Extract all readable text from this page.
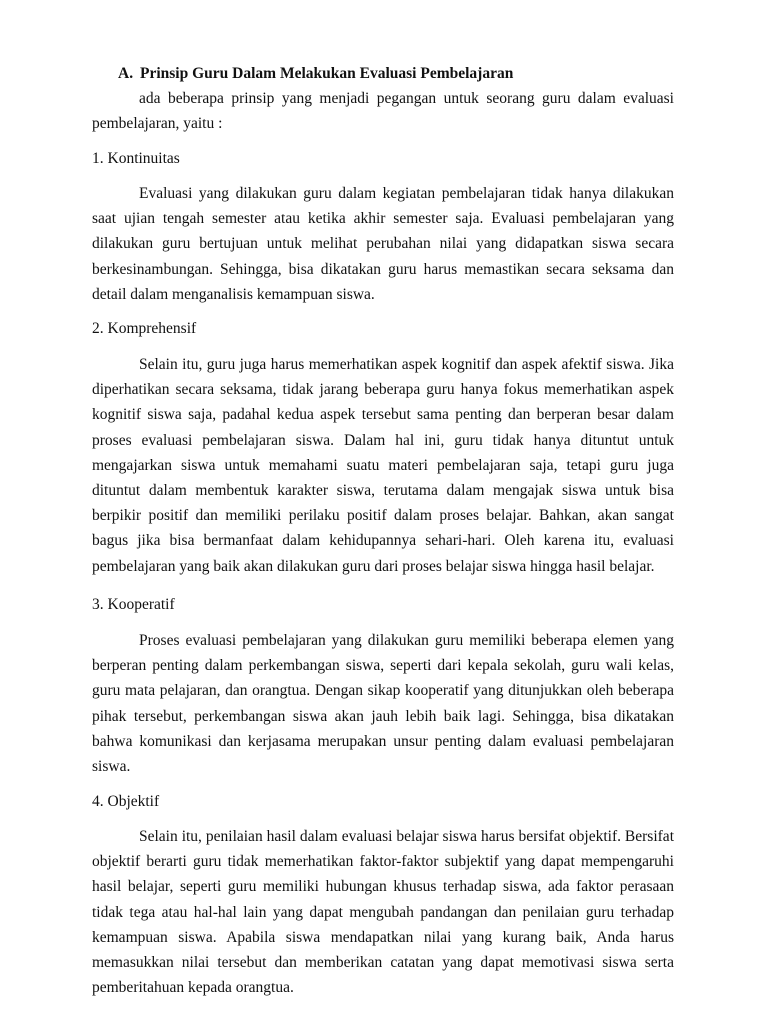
A. Prinsip Guru Dalam Melakukan Evaluasi Pembelajaran

ada beberapa prinsip yang menjadi pegangan untuk seorang guru dalam evaluasi pembelajaran, yaitu :

1. Kontinuitas

Evaluasi yang dilakukan guru dalam kegiatan pembelajaran tidak hanya dilakukan saat ujian tengah semester atau ketika akhir semester saja. Evaluasi pembelajaran yang dilakukan guru bertujuan untuk melihat perubahan nilai yang didapatkan siswa secara berkesinambungan. Sehingga, bisa dikatakan guru harus memastikan secara seksama dan detail dalam menganalisis kemampuan siswa.

2. Komprehensif

Selain itu, guru juga harus memerhatikan aspek kognitif dan aspek afektif siswa. Jika diperhatikan secara seksama, tidak jarang beberapa guru hanya fokus memerhatikan aspek kognitif siswa saja, padahal kedua aspek tersebut sama penting dan berperan besar dalam proses evaluasi pembelajaran siswa. Dalam hal ini, guru tidak hanya dituntut untuk mengajarkan siswa untuk memahami suatu materi pembelajaran saja, tetapi guru juga dituntut dalam membentuk karakter siswa, terutama dalam mengajak siswa untuk bisa berpikir positif dan memiliki perilaku positif dalam proses belajar. Bahkan, akan sangat bagus jika bisa bermanfaat dalam kehidupannya sehari-hari. Oleh karena itu, evaluasi pembelajaran yang baik akan dilakukan guru dari proses belajar siswa hingga hasil belajar.

3. Kooperatif

Proses evaluasi pembelajaran yang dilakukan guru memiliki beberapa elemen yang berperan penting dalam perkembangan siswa, seperti dari kepala sekolah, guru wali kelas, guru mata pelajaran, dan orangtua. Dengan sikap kooperatif yang ditunjukkan oleh beberapa pihak tersebut, perkembangan siswa akan jauh lebih baik lagi. Sehingga, bisa dikatakan bahwa komunikasi dan kerjasama merupakan unsur penting dalam evaluasi pembelajaran siswa.

4. Objektif

Selain itu, penilaian hasil dalam evaluasi belajar siswa harus bersifat objektif. Bersifat objektif berarti guru tidak memerhatikan faktor-faktor subjektif yang dapat mempengaruhi hasil belajar, seperti guru memiliki hubungan khusus terhadap siswa, ada faktor perasaan tidak tega atau hal-hal lain yang dapat mengubah pandangan dan penilaian guru terhadap kemampuan siswa. Apabila siswa mendapatkan nilai yang kurang baik, Anda harus memasukkan nilai tersebut dan memberikan catatan yang dapat memotivasi siswa serta pemberitahuan kepada orangtua.
